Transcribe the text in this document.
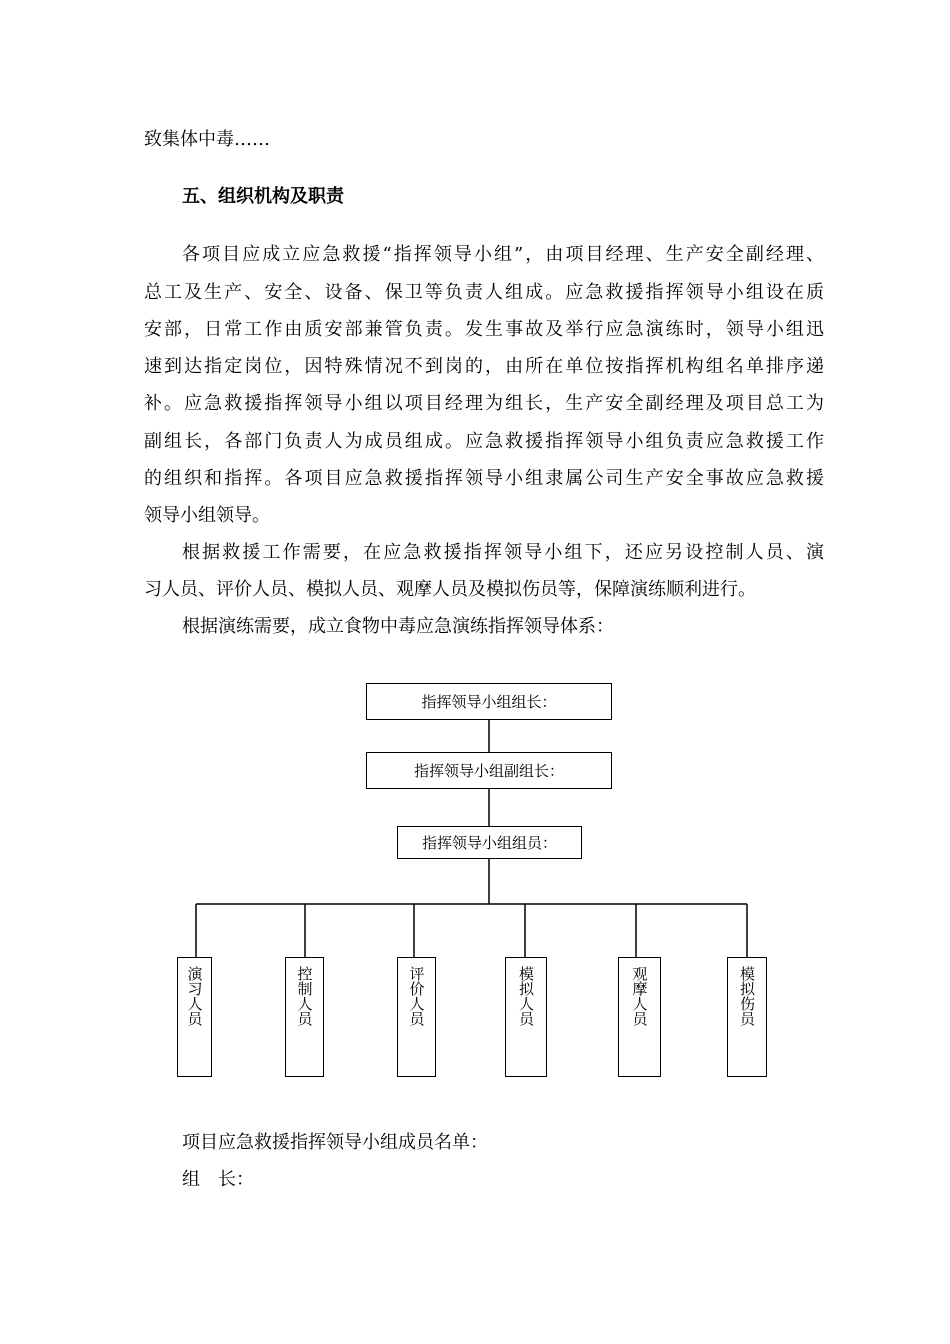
致集体中毒……
五、组织机构及职责
各项目应成立应急救援“指挥领导小组”，由项目经理、生产安全副经理、
总工及生产、安全、设备、保卫等负责人组成。应急救援指挥领导小组设在质
安部，日常工作由质安部兼管负责。发生事故及举行应急演练时，领导小组迅
速到达指定岗位，因特殊情况不到岗的，由所在单位按指挥机构组名单排序递
补。应急救援指挥领导小组以项目经理为组长，生产安全副经理及项目总工为
副组长，各部门负责人为成员组成。应急救援指挥领导小组负责应急救援工作
的组织和指挥。各项目应急救援指挥领导小组隶属公司生产安全事故应急救援
领导小组领导。
根据救援工作需要，在应急救援指挥领导小组下，还应另设控制人员、演
习人员、评价人员、模拟人员、观摩人员及模拟伤员等，保障演练顺利进行。
根据演练需要，成立食物中毒应急演练指挥领导体系：
指挥领导小组组长：
指挥领导小组副组长：
指挥领导小组组员：
演习人员	控制人员	评价人员	模拟人员	观摩人员	模拟伤员
项目应急救援指挥领导小组成员名单：
组　长：
